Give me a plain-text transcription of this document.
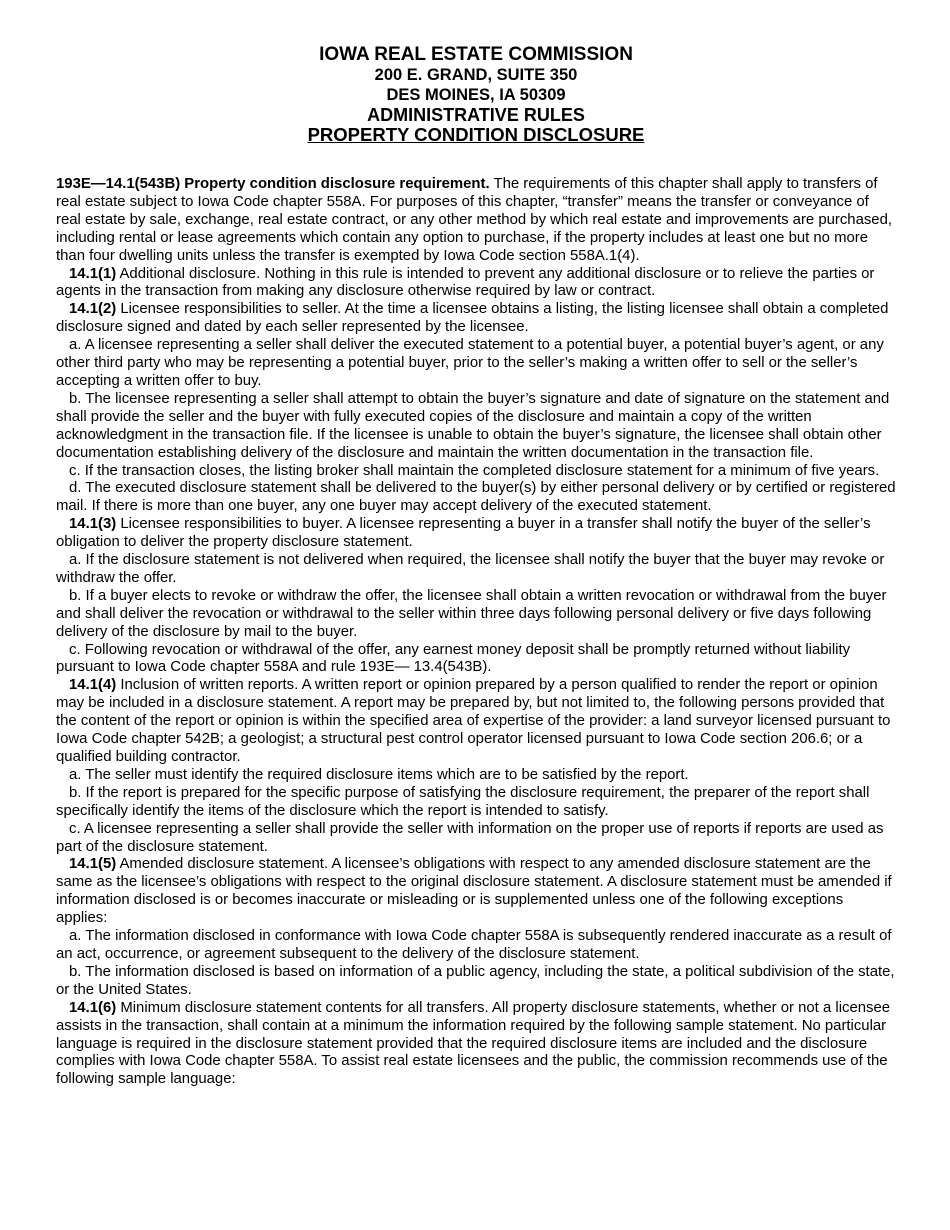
IOWA REAL ESTATE COMMISSION
200 E. GRAND, SUITE 350
DES MOINES, IA 50309
ADMINISTRATIVE RULES
PROPERTY CONDITION DISCLOSURE

193E—14.1(543B) Property condition disclosure requirement. The requirements of this chapter shall apply to transfers of real estate subject to Iowa Code chapter 558A. For purposes of this chapter, “transfer” means the transfer or conveyance of real estate by sale, exchange, real estate contract, or any other method by which real estate and improvements are purchased, including rental or lease agreements which contain any option to purchase, if the property includes at least one but no more than four dwelling units unless the transfer is exempted by Iowa Code section 558A.1(4).

14.1(1) Additional disclosure. Nothing in this rule is intended to prevent any additional disclosure or to relieve the parties or agents in the transaction from making any disclosure otherwise required by law or contract.

14.1(2) Licensee responsibilities to seller. At the time a licensee obtains a listing, the listing licensee shall obtain a completed disclosure signed and dated by each seller represented by the licensee.

a. A licensee representing a seller shall deliver the executed statement to a potential buyer, a potential buyer’s agent, or any other third party who may be representing a potential buyer, prior to the seller’s making a written offer to sell or the seller’s accepting a written offer to buy.

b. The licensee representing a seller shall attempt to obtain the buyer’s signature and date of signature on the statement and shall provide the seller and the buyer with fully executed copies of the disclosure and maintain a copy of the written acknowledgment in the transaction file. If the licensee is unable to obtain the buyer’s signature, the licensee shall obtain other documentation establishing delivery of the disclosure and maintain the written documentation in the transaction file.

c. If the transaction closes, the listing broker shall maintain the completed disclosure statement for a minimum of five years.

d. The executed disclosure statement shall be delivered to the buyer(s) by either personal delivery or by certified or registered mail. If there is more than one buyer, any one buyer may accept delivery of the executed statement.

14.1(3) Licensee responsibilities to buyer. A licensee representing a buyer in a transfer shall notify the buyer of the seller’s obligation to deliver the property disclosure statement.

a. If the disclosure statement is not delivered when required, the licensee shall notify the buyer that the buyer may revoke or withdraw the offer.

b. If a buyer elects to revoke or withdraw the offer, the licensee shall obtain a written revocation or withdrawal from the buyer and shall deliver the revocation or withdrawal to the seller within three days following personal delivery or five days following delivery of the disclosure by mail to the buyer.

c. Following revocation or withdrawal of the offer, any earnest money deposit shall be promptly returned without liability pursuant to Iowa Code chapter 558A and rule 193E— 13.4(543B).

14.1(4) Inclusion of written reports. A written report or opinion prepared by a person qualified to render the report or opinion may be included in a disclosure statement. A report may be prepared by, but not limited to, the following persons provided that the content of the report or opinion is within the specified area of expertise of the provider: a land surveyor licensed pursuant to Iowa Code chapter 542B; a geologist; a structural pest control operator licensed pursuant to Iowa Code section 206.6; or a qualified building contractor.

a. The seller must identify the required disclosure items which are to be satisfied by the report.

b. If the report is prepared for the specific purpose of satisfying the disclosure requirement, the preparer of the report shall specifically identify the items of the disclosure which the report is intended to satisfy.

c. A licensee representing a seller shall provide the seller with information on the proper use of reports if reports are used as part of the disclosure statement.

14.1(5) Amended disclosure statement. A licensee’s obligations with respect to any amended disclosure statement are the same as the licensee’s obligations with respect to the original disclosure statement. A disclosure statement must be amended if information disclosed is or becomes inaccurate or misleading or is supplemented unless one of the following exceptions applies:

a. The information disclosed in conformance with Iowa Code chapter 558A is subsequently rendered inaccurate as a result of an act, occurrence, or agreement subsequent to the delivery of the disclosure statement.

b. The information disclosed is based on information of a public agency, including the state, a political subdivision of the state, or the United States.

14.1(6) Minimum disclosure statement contents for all transfers. All property disclosure statements, whether or not a licensee assists in the transaction, shall contain at a minimum the information required by the following sample statement. No particular language is required in the disclosure statement provided that the required disclosure items are included and the disclosure complies with Iowa Code chapter 558A. To assist real estate licensees and the public, the commission recommends use of the following sample language:
